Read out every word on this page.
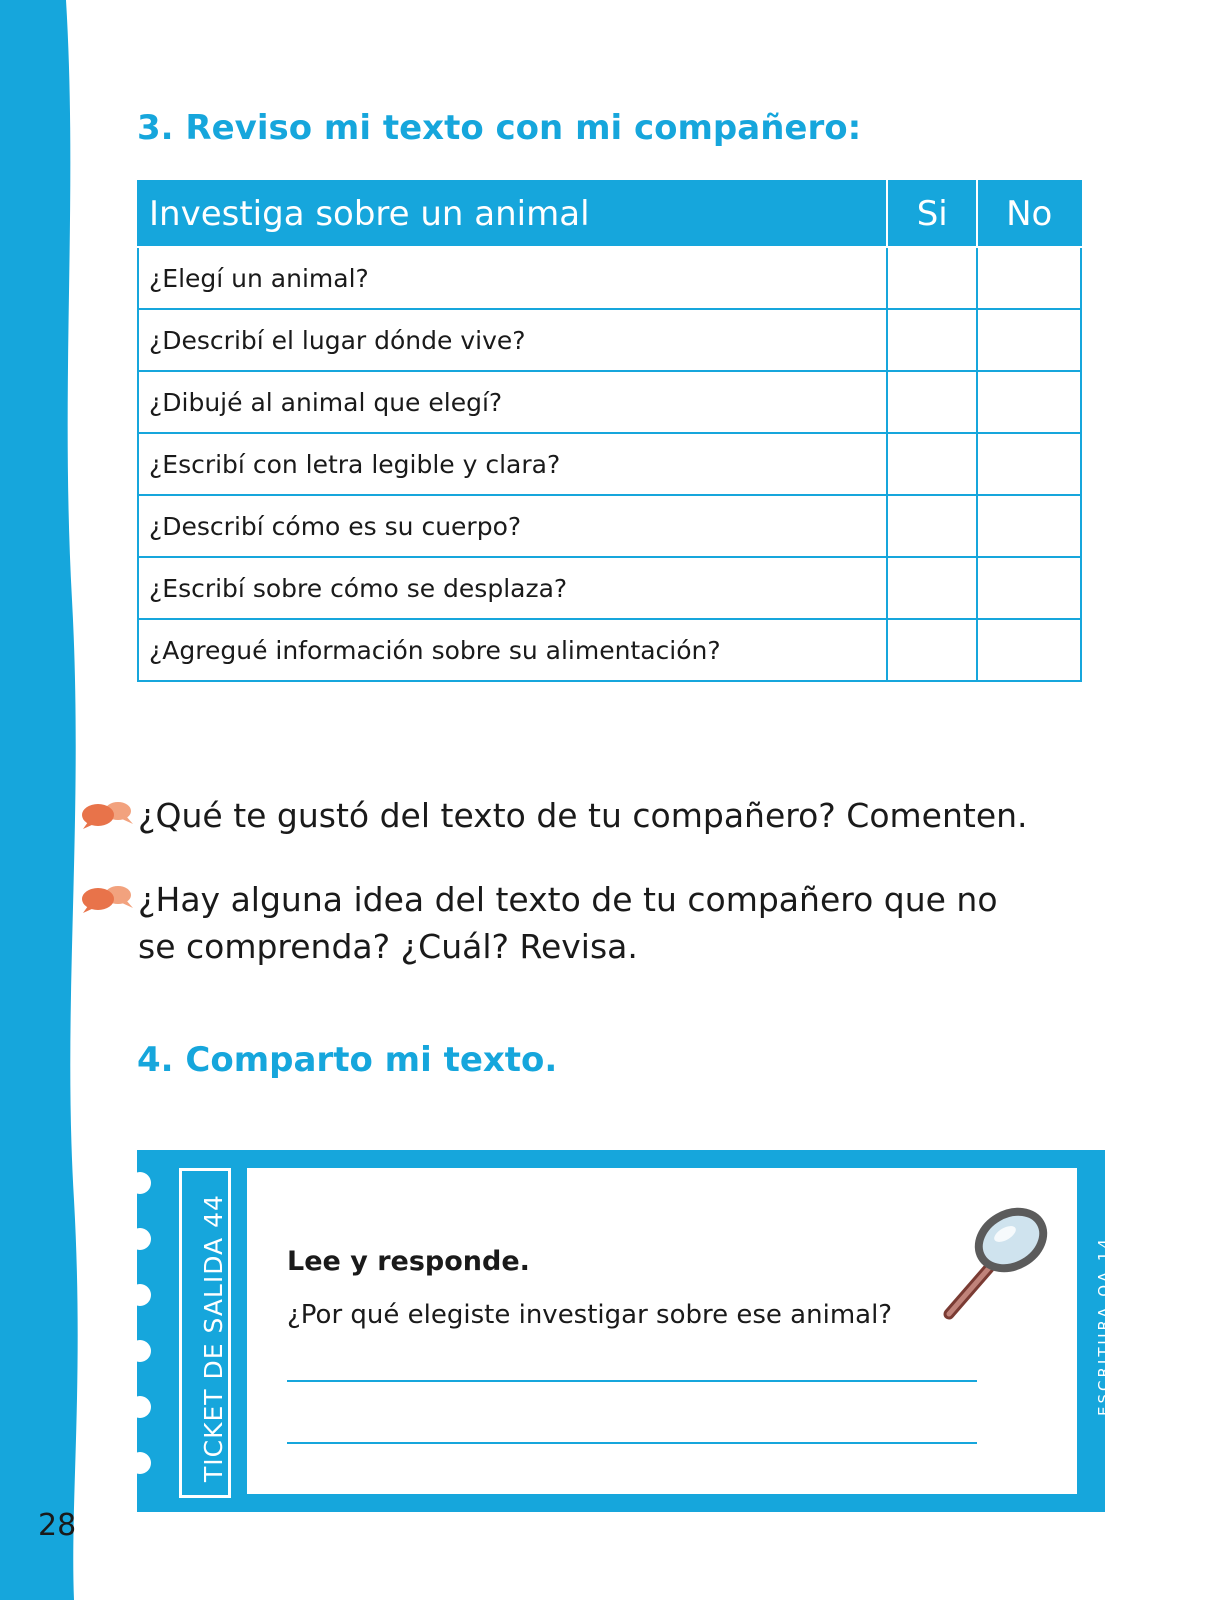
28
3. Reviso mi texto con mi compañero:
Investiga sobre un animal	Si	No
¿Elegí un animal?		
¿Describí el lugar dónde vive?		
¿Dibujé al animal que elegí?		
¿Escribí con letra legible y clara?		
¿Describí cómo es su cuerpo?		
¿Escribí sobre cómo se desplaza?		
¿Agregué información sobre su alimentación?		
¿Qué te gustó del texto de tu compañero? Comenten.
¿Hay alguna idea del texto de tu compañero que no se comprenda? ¿Cuál? Revisa.
4. Comparto mi texto.
TICKET DE SALIDA 44 Lee y responde.
¿Por qué elegiste investigar sobre ese animal?	ESCRITURA OA 14
